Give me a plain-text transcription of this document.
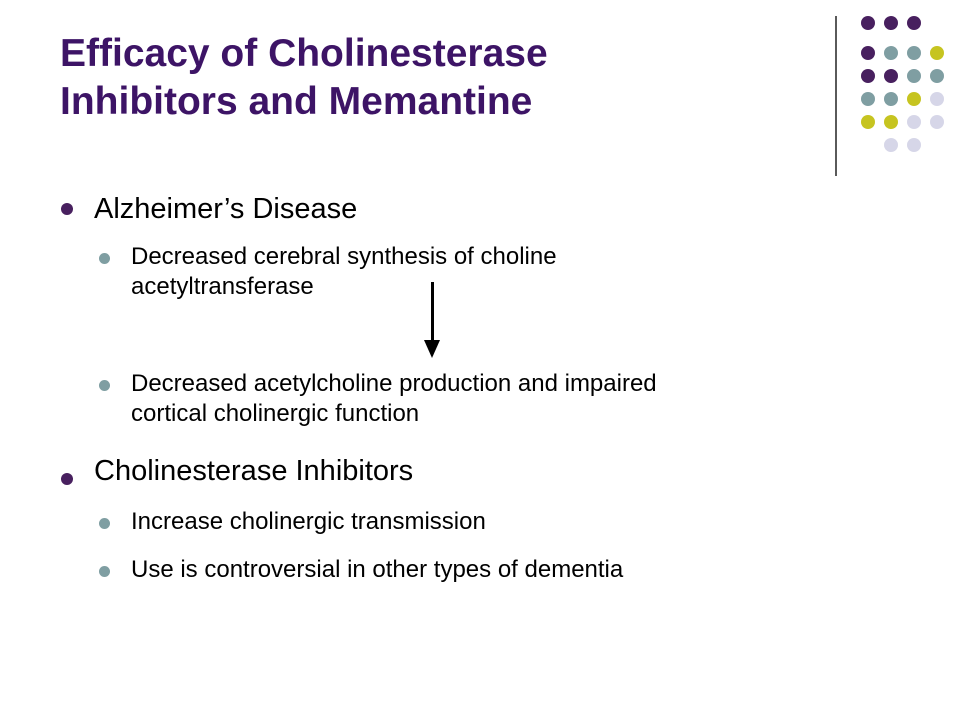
Efficacy of Cholinesterase
Inhibitors and Memantine
Alzheimer’s Disease
Decreased cerebral synthesis of choline
acetyltransferase
Decreased acetylcholine production and impaired
cortical cholinergic function
Cholinesterase Inhibitors
Increase cholinergic transmission
Use is controversial in other types of dementia
